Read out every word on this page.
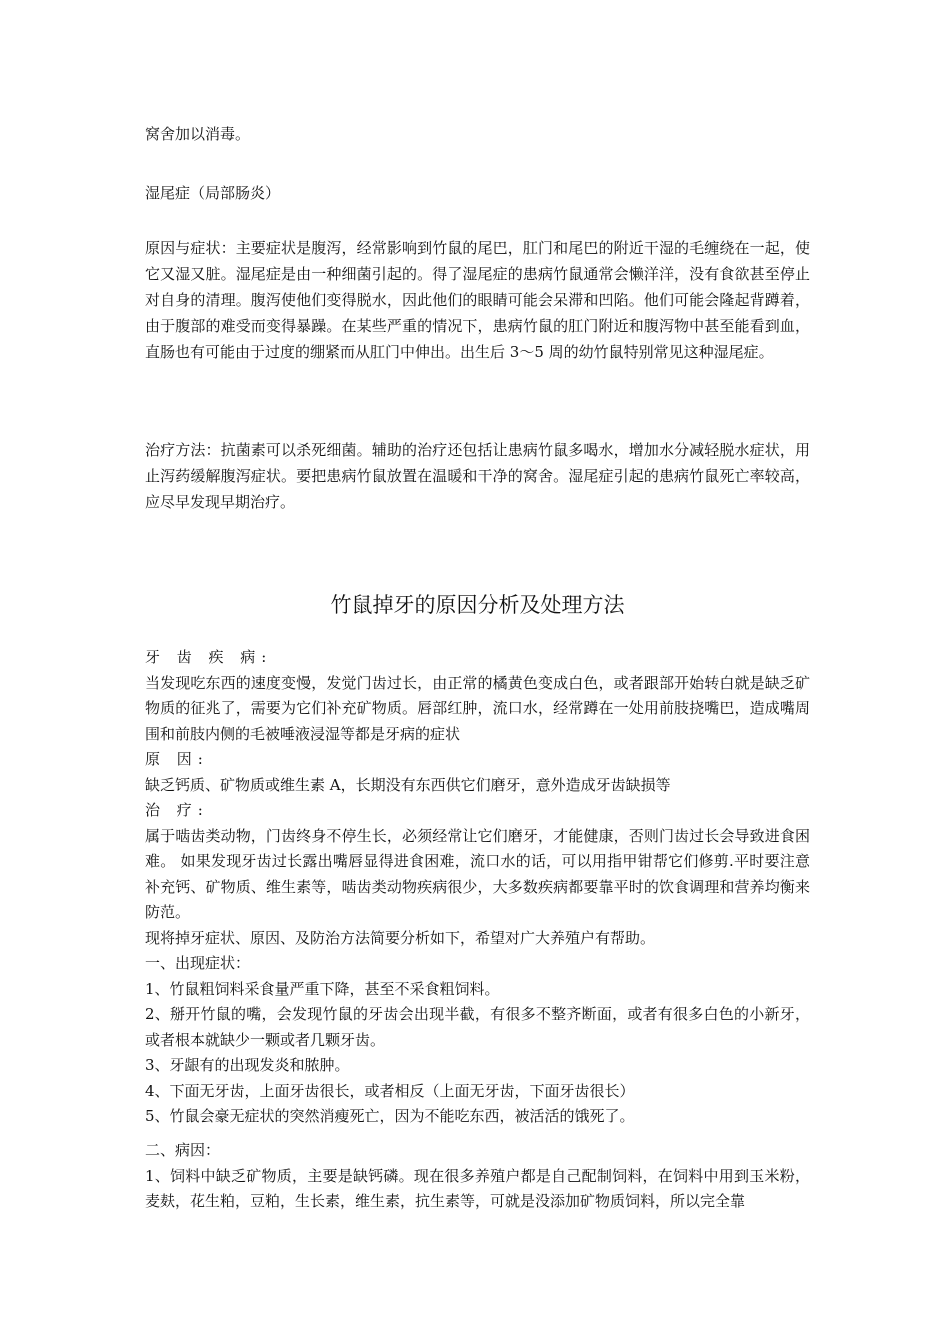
窝舍加以消毒。

湿尾症（局部肠炎）

原因与症状：主要症状是腹泻，经常影响到竹鼠的尾巴，肛门和尾巴的附近干湿的毛缠绕在一起，使它又湿又脏。湿尾症是由一种细菌引起的。得了湿尾症的患病竹鼠通常会懒洋洋，没有食欲甚至停止对自身的清理。腹泻使他们变得脱水，因此他们的眼睛可能会呆滞和凹陷。他们可能会隆起背蹲着，由于腹部的难受而变得暴躁。在某些严重的情况下，患病竹鼠的肛门附近和腹泻物中甚至能看到血，直肠也有可能由于过度的绷紧而从肛门中伸出。出生后 3～5 周的幼竹鼠特别常见这种湿尾症。

治疗方法：抗菌素可以杀死细菌。辅助的治疗还包括让患病竹鼠多喝水，增加水分减轻脱水症状，用止泻药缓解腹泻症状。要把患病竹鼠放置在温暖和干净的窝舍。湿尾症引起的患病竹鼠死亡率较高，应尽早发现早期治疗。

竹鼠掉牙的原因分析及处理方法

牙 齿 疾 病:

当发现吃东西的速度变慢，发觉门齿过长，由正常的橘黄色变成白色，或者跟部开始转白就是缺乏矿物质的征兆了，需要为它们补充矿物质。唇部红肿，流口水，经常蹲在一处用前肢挠嘴巴，造成嘴周围和前肢内侧的毛被唾液浸湿等都是牙病的症状

原 因:

缺乏钙质、矿物质或维生素 A，长期没有东西供它们磨牙，意外造成牙齿缺损等

治 疗:

属于啮齿类动物，门齿终身不停生长，必须经常让它们磨牙，才能健康，否则门齿过长会导致进食困难。 如果发现牙齿过长露出嘴唇显得进食困难，流口水的话，可以用指甲钳帮它们修剪.平时要注意补充钙、矿物质、维生素等，啮齿类动物疾病很少，大多数疾病都要靠平时的饮食调理和营养均衡来防范。

现将掉牙症状、原因、及防治方法简要分析如下，希望对广大养殖户有帮助。

一、出现症状：

1、竹鼠粗饲料采食量严重下降，甚至不采食粗饲料。

2、掰开竹鼠的嘴，会发现竹鼠的牙齿会出现半截，有很多不整齐断面，或者有很多白色的小新牙，或者根本就缺少一颗或者几颗牙齿。

3、牙龈有的出现发炎和脓肿。

4、下面无牙齿，上面牙齿很长，或者相反（上面无牙齿，下面牙齿很长）

5、竹鼠会豪无症状的突然消瘦死亡，因为不能吃东西，被活活的饿死了。

二、病因：

1、饲料中缺乏矿物质，主要是缺钙磷。现在很多养殖户都是自己配制饲料，在饲料中用到玉米粉，麦麸，花生粕，豆粕，生长素，维生素，抗生素等，可就是没添加矿物质饲料，所以完全靠
